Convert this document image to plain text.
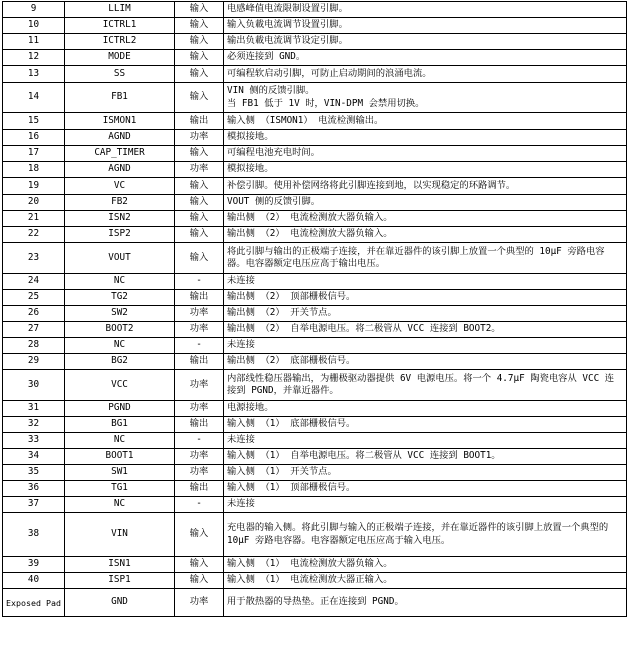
9	LLIM	输入	电感峰值电流限制设置引脚。
10	ICTRL1	输入	输入负載电流调节设置引脚。
11	ICTRL2	输入	输出负載电流调节设定引脚。
12	MODE	输入	必须连接到 GND。
13	SS	输入	可编程软启动引脚，可防止启动期间的浪涌电流。
14	FB1	输入	VIN 侧的反馈引脚。
当 FB1 低于 1V 时，VIN-DPM 会禁用切换。
15	ISMON1	输出	输入侧 （ISMON1） 电流检测输出。
16	AGND	功率	模拟接地。
17	CAP_TIMER	输入	可编程电池充电时间。
18	AGND	功率	模拟接地。
19	VC	输入	补偿引脚。使用补偿网络将此引脚连接到地，以实现稳定的环路调节。
20	FB2	输入	VOUT 侧的反馈引脚。
21	ISN2	输入	输出侧 （2） 电流检测放大器负输入。
22	ISP2	输入	输出侧 （2） 电流检测放大器负输入。
23	VOUT	输入	将此引脚与输出的正极端子连接，并在靠近器件的该引脚上放置一个典型的 10μF 旁路电容器。电容器额定电压应高于输出电压。
24	NC	-	未连接
25	TG2	输出	输出侧 （2） 顶部栅极信号。
26	SW2	功率	输出侧 （2） 开关节点。
27	BOOT2	功率	输出侧 （2） 自举电源电压。将二极管从 VCC 连接到 BOOT2。
28	NC	-	未连接
29	BG2	输出	输出侧 （2） 底部栅极信号。
30	VCC	功率	内部线性稳压器输出，为栅极驱动器提供 6V 电源电压。将一个 4.7μF 陶瓷电容从 VCC 连接到 PGND，并靠近器件。
31	PGND	功率	电源接地。
32	BG1	输出	输入侧 （1） 底部栅极信号。
33	NC	-	未连接
34	BOOT1	功率	输入侧 （1） 自举电源电压。将二极管从 VCC 连接到 BOOT1。
35	SW1	功率	输入侧 （1） 开关节点。
36	TG1	输出	输入侧 （1） 顶部栅极信号。
37	NC	-	未连接
38	VIN	输入	充电器的输入侧。将此引脚与输入的正极端子连接，并在靠近器件的该引脚上放置一个典型的 10μF 旁路电容器。电容器额定电压应高于输入电压。
39	ISN1	输入	输入侧 （1） 电流检测放大器负输入。
40	ISP1	输入	输入侧 （1） 电流检测放大器正输入。
Exposed Pad	GND	功率	用于散热器的导热垫。正在连接到 PGND。
